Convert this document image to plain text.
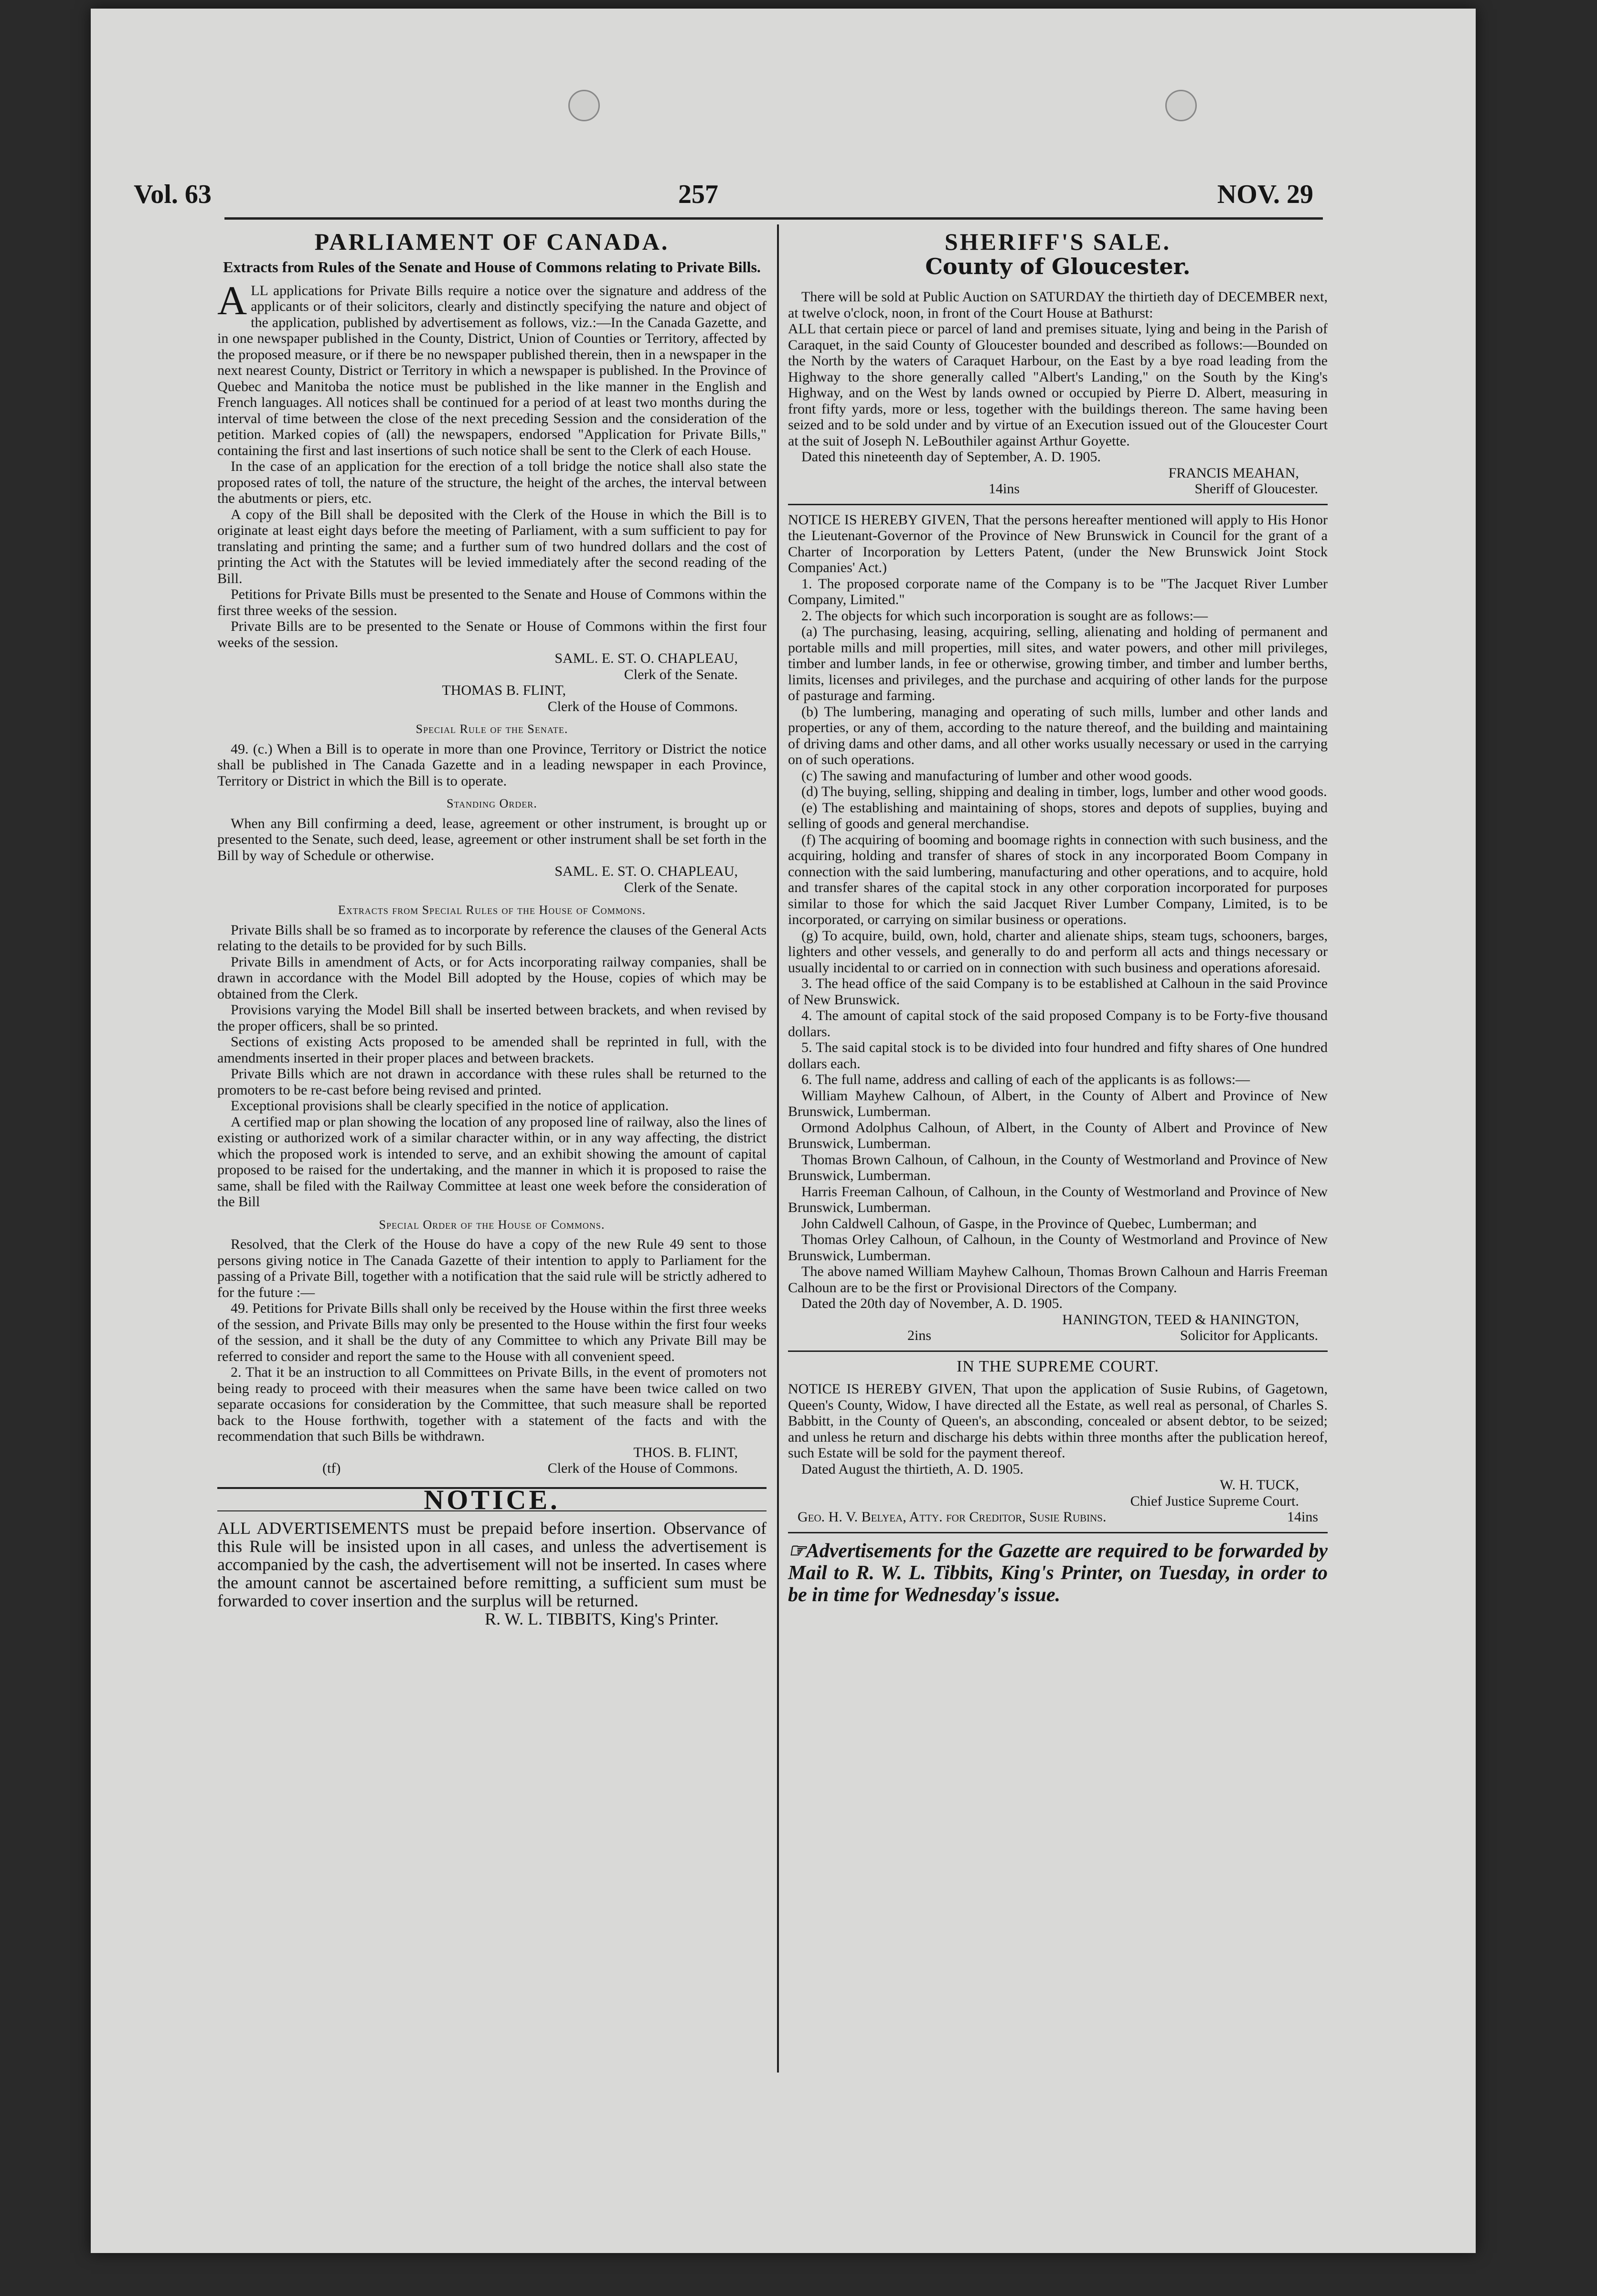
Vol. 63	257	NOV. 29
PARLIAMENT OF CANADA.
Extracts from Rules of the Senate and House of Commons relating to Private Bills.

ALL applications for Private Bills require a notice over the signature and address of the applicants or of their solicitors, clearly and distinctly specifying the nature and object of the application, published by advertisement as follows, viz.:—In the Canada Gazette, and in one newspaper published in the County, District, Union of Counties or Territory, affected by the proposed measure, or if there be no newspaper published therein, then in a newspaper in the next nearest County, District or Territory in which a newspaper is published. In the Province of Quebec and Manitoba the notice must be published in the like manner in the English and French languages. All notices shall be continued for a period of at least two months during the interval of time between the close of the next preceding Session and the consideration of the petition. Marked copies of (all) the newspapers, endorsed "Application for Private Bills," containing the first and last insertions of such notice shall be sent to the Clerk of each House.

In the case of an application for the erection of a toll bridge the notice shall also state the proposed rates of toll, the nature of the structure, the height of the arches, the interval between the abutments or piers, etc.

A copy of the Bill shall be deposited with the Clerk of the House in which the Bill is to originate at least eight days before the meeting of Parliament, with a sum sufficient to pay for translating and printing the same; and a further sum of two hundred dollars and the cost of printing the Act with the Statutes will be levied immediately after the second reading of the Bill.

Petitions for Private Bills must be presented to the Senate and House of Commons within the first three weeks of the session.

Private Bills are to be presented to the Senate or House of Commons within the first four weeks of the session.

SAML. E. ST. O. CHAPLEAU,
Clerk of the Senate.
THOMAS B. FLINT,
Clerk of the House of Commons.
Special Rule of the Senate.

49. (c.) When a Bill is to operate in more than one Province, Territory or District the notice shall be published in The Canada Gazette and in a leading newspaper in each Province, Territory or District in which the Bill is to operate.

Standing Order.

When any Bill confirming a deed, lease, agreement or other instrument, is brought up or presented to the Senate, such deed, lease, agreement or other instrument shall be set forth in the Bill by way of Schedule or otherwise.

SAML. E. ST. O. CHAPLEAU,
Clerk of the Senate.
Extracts from Special Rules of the House of Commons.

Private Bills shall be so framed as to incorporate by reference the clauses of the General Acts relating to the details to be provided for by such Bills.

Private Bills in amendment of Acts, or for Acts incorporating railway companies, shall be drawn in accordance with the Model Bill adopted by the House, copies of which may be obtained from the Clerk.

Provisions varying the Model Bill shall be inserted between brackets, and when revised by the proper officers, shall be so printed.

Sections of existing Acts proposed to be amended shall be reprinted in full, with the amendments inserted in their proper places and between brackets.

Private Bills which are not drawn in accordance with these rules shall be returned to the promoters to be re-cast before being revised and printed.

Exceptional provisions shall be clearly specified in the notice of application.

A certified map or plan showing the location of any proposed line of railway, also the lines of existing or authorized work of a similar character within, or in any way affecting, the district which the proposed work is intended to serve, and an exhibit showing the amount of capital proposed to be raised for the undertaking, and the manner in which it is proposed to raise the same, shall be filed with the Railway Committee at least one week before the consideration of the Bill

Special Order of the House of Commons.

Resolved, that the Clerk of the House do have a copy of the new Rule 49 sent to those persons giving notice in The Canada Gazette of their intention to apply to Parliament for the passing of a Private Bill, together with a notification that the said rule will be strictly adhered to for the future :—

49. Petitions for Private Bills shall only be received by the House within the first three weeks of the session, and Private Bills may only be presented to the House within the first four weeks of the session, and it shall be the duty of any Committee to which any Private Bill may be referred to consider and report the same to the House with all convenient speed.

2. That it be an instruction to all Committees on Private Bills, in the event of promoters not being ready to proceed with their measures when the same have been twice called on two separate occasions for consideration by the Committee, that such measure shall be reported back to the House forthwith, together with a statement of the facts and with the recommendation that such Bills be withdrawn.

THOS. B. FLINT,
(tf)	Clerk of the House of Commons.
NOTICE.

ALL ADVERTISEMENTS must be prepaid before insertion. Observance of this Rule will be insisted upon in all cases, and unless the advertisement is accompanied by the cash, the advertisement will not be inserted. In cases where the amount cannot be ascertained before remitting, a sufficient sum must be forwarded to cover insertion and the surplus will be returned.

R. W. L. TIBBITS, King's Printer.
SHERIFF'S SALE.
County of Gloucester.

There will be sold at Public Auction on SATURDAY the thirtieth day of DECEMBER next, at twelve o'clock, noon, in front of the Court House at Bathurst:

ALL that certain piece or parcel of land and premises situate, lying and being in the Parish of Caraquet, in the said County of Gloucester bounded and described as follows:—Bounded on the North by the waters of Caraquet Harbour, on the East by a bye road leading from the Highway to the shore generally called "Albert's Landing," on the South by the King's Highway, and on the West by lands owned or occupied by Pierre D. Albert, measuring in front fifty yards, more or less, together with the buildings thereon. The same having been seized and to be sold under and by virtue of an Execution issued out of the Gloucester Court at the suit of Joseph N. LeBouthiler against Arthur Goyette.

Dated this nineteenth day of September, A. D. 1905.

FRANCIS MEAHAN,
14ins	Sheriff of Gloucester.

NOTICE IS HEREBY GIVEN, That the persons hereafter mentioned will apply to His Honor the Lieutenant-Governor of the Province of New Brunswick in Council for the grant of a Charter of Incorporation by Letters Patent, (under the New Brunswick Joint Stock Companies' Act.)

1. The proposed corporate name of the Company is to be "The Jacquet River Lumber Company, Limited."

2. The objects for which such incorporation is sought are as follows:—

(a) The purchasing, leasing, acquiring, selling, alienating and holding of permanent and portable mills and mill properties, mill sites, and water powers, and other mill privileges, timber and lumber lands, in fee or otherwise, growing timber, and timber and lumber berths, limits, licenses and privileges, and the purchase and acquiring of other lands for the purpose of pasturage and farming.

(b) The lumbering, managing and operating of such mills, lumber and other lands and properties, or any of them, according to the nature thereof, and the building and maintaining of driving dams and other dams, and all other works usually necessary or used in the carrying on of such operations.

(c) The sawing and manufacturing of lumber and other wood goods.

(d) The buying, selling, shipping and dealing in timber, logs, lumber and other wood goods.

(e) The establishing and maintaining of shops, stores and depots of supplies, buying and selling of goods and general merchandise.

(f) The acquiring of booming and boomage rights in connection with such business, and the acquiring, holding and transfer of shares of stock in any incorporated Boom Company in connection with the said lumbering, manufacturing and other operations, and to acquire, hold and transfer shares of the capital stock in any other corporation incorporated for purposes similar to those for which the said Jacquet River Lumber Company, Limited, is to be incorporated, or carrying on similar business or operations.

(g) To acquire, build, own, hold, charter and alienate ships, steam tugs, schooners, barges, lighters and other vessels, and generally to do and perform all acts and things necessary or usually incidental to or carried on in connection with such business and operations aforesaid.

3. The head office of the said Company is to be established at Calhoun in the said Province of New Brunswick.

4. The amount of capital stock of the said proposed Company is to be Forty-five thousand dollars.

5. The said capital stock is to be divided into four hundred and fifty shares of One hundred dollars each.

6. The full name, address and calling of each of the applicants is as follows:—

William Mayhew Calhoun, of Albert, in the County of Albert and Province of New Brunswick, Lumberman.

Ormond Adolphus Calhoun, of Albert, in the County of Albert and Province of New Brunswick, Lumberman.

Thomas Brown Calhoun, of Calhoun, in the County of Westmorland and Province of New Brunswick, Lumberman.

Harris Freeman Calhoun, of Calhoun, in the County of Westmorland and Province of New Brunswick, Lumberman.

John Caldwell Calhoun, of Gaspe, in the Province of Quebec, Lumberman; and

Thomas Orley Calhoun, of Calhoun, in the County of Westmorland and Province of New Brunswick, Lumberman.

The above named William Mayhew Calhoun, Thomas Brown Calhoun and Harris Freeman Calhoun are to be the first or Provisional Directors of the Company.

Dated the 20th day of November, A. D. 1905.

HANINGTON, TEED & HANINGTON,
2ins	Solicitor for Applicants.
IN THE SUPREME COURT.

NOTICE IS HEREBY GIVEN, That upon the application of Susie Rubins, of Gagetown, Queen's County, Widow, I have directed all the Estate, as well real as personal, of Charles S. Babbitt, in the County of Queen's, an absconding, concealed or absent debtor, to be seized; and unless he return and discharge his debts within three months after the publication hereof, such Estate will be sold for the payment thereof.

Dated August the thirtieth, A. D. 1905.

W. H. TUCK,
Chief Justice Supreme Court.
Geo. H. V. Belyea, Atty. for Creditor, Susie Rubins.	14ins

☞Advertisements for the Gazette are required to be forwarded by Mail to R. W. L. Tibbits, King's Printer, on Tuesday, in order to be in time for Wednesday's issue.
